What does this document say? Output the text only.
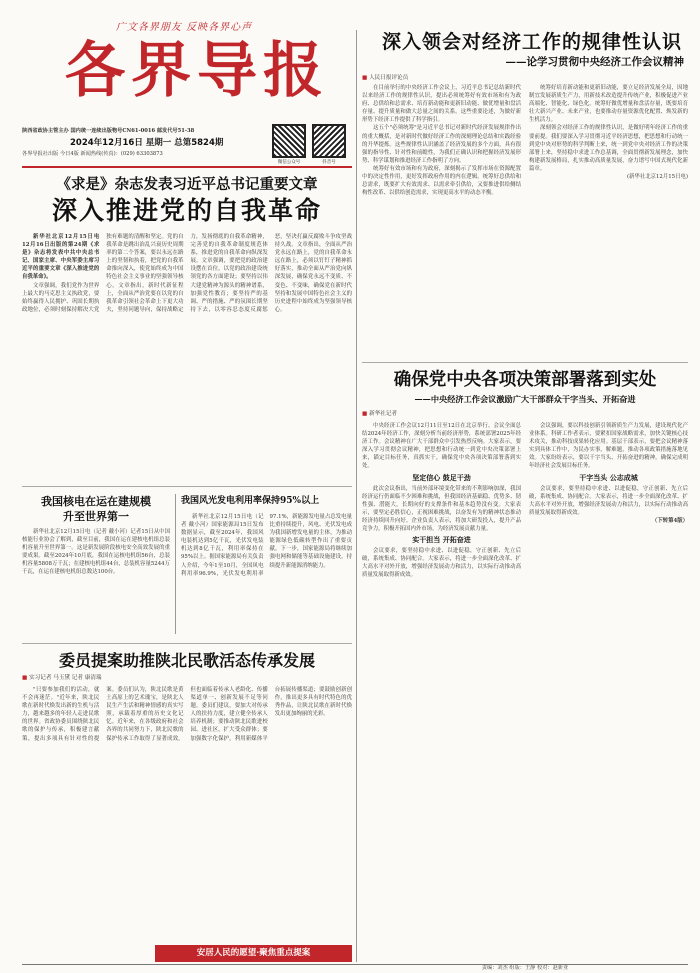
广文各界朋友 反映各界心声
各界导报
陕西省政协主管主办 国内统一连续出版物号CN61-0016 邮发代号51-38
2024年12月16日 星期一 总第5824期
各界导报社出版 今日4版 新闻热线(传真)：(029) 63303873
微信公众号	抖音号
深入领会对经济工作的规律性认识
——论学习贯彻中央经济工作会议精神
■ 人民日报评论员

在目前举行的中央经济工作会议上，习近平总书记总结新时代以来经济工作的规律性认识，提出必须统筹好有效市场和有为政府、总供给和总需求、培育新动能和更新旧动能、做优增量和盘活存量、提升质量和做大总量之间的关系。这些重要论述，为做好新形势下经济工作提供了科学指引。

这五个"必须统筹"是习近平总书记对新时代经济发展规律作出的重大概括，是对新时代做好经济工作的深刻理论总结和实践经验的升华提炼。这些规律性认识涵盖了经济发展的多个方面，具有很强的指导性、针对性和前瞻性，为我们正确认识和把握经济发展形势、科学谋划和推进经济工作指明了方向。

统筹好有效市场和有为政府，深刻揭示了发挥市场在资源配置中的决定性作用，更好发挥政府作用的内在逻辑。统筹好总供给和总需求，既要扩大有效需求、以需求牵引供给，又要推进供给侧结构性改革、以供给创造需求，实现更高水平的动态平衡。

统筹好培育新动能和更新旧动能，要立足经济发展全局，因地制宜发展新质生产力，用新技术改造提升传统产业，积极促进产业高端化、智能化、绿色化。统筹好做优增量和盘活存量，既要培育壮大新兴产业、未来产业，也要推动存量资源优化配置、焕发新的生机活力。

深刻领会对经济工作的规律性认识，是做好明年经济工作的重要前提。我们要深入学习贯彻习近平经济思想，把思想和行动统一到党中央对形势的科学判断上来，统一到党中央对经济工作的决策部署上来，坚持稳中求进工作总基调，全面贯彻新发展理念，加快构建新发展格局，扎实推动高质量发展，奋力谱写中国式现代化新篇章。

(新华社北京12月15日电)

《求是》杂志发表习近平总书记重要文章
深入推进党的自我革命

新华社北京12月15日电 12月16日出版的第24期《求是》杂志将发表中共中央总书记、国家主席、中央军委主席习近平的重要文章《深入推进党的自我革命》。

文章强调，我们党作为世界上最大的马克思主义执政党，要始终赢得人民拥护、巩固长期执政地位，必须时刻保持解决大党独有难题的清醒和坚定。党的自我革命是跳出治乱兴衰历史周期率的第二个答案，要以永远在路上的坚韧和执着，把党的自我革命推向深入，使党始终成为中国特色社会主义事业的坚强领导核心。文章指出，新时代新征程上，全面从严治党要在以党的自我革命引领社会革命上下更大功夫，坚持问题导向，保持战略定力，发扬彻底的自我革命精神，完善党的自我革命制度规范体系，推进党的自我革命向纵深发展。文章强调，要把党的政治建设摆在首位，以党的政治建设统领党的各方面建设；要坚持以伟大建党精神为源头的精神谱系，加强党性教育；要坚持严的基调、严的措施、严的氛围长期坚持下去，以零容忍态度反腐惩恶，坚决打赢反腐败斗争攻坚战持久战。文章指出，全面从严治党永远在路上，党的自我革命永远在路上，必须以钉钉子精神抓好落实，推动全面从严治党向纵深发展，确保党永远不变质、不变色、不变味，确保党在新时代坚持和发展中国特色社会主义的历史进程中始终成为坚强领导核心。

我国核电在运在建规模
升至世界第一
新华社北京12月15日电（记者 戴小河）记者15日从中国核能行业协会了解到，截至目前，我国在运在建核电机组总装机容量升至世界第一。这是新发展阶段核电安全高效发展的重要成果。截至2024年10月底，我国在运核电机组56台，总装机容量5808万千瓦；在建核电机组44台，总装机容量5244万千瓦，在运在建核电机组总数达100台。
我国风光发电利用率保持95%以上

新华社北京12月15日电（记者 戴小河）国家能源局15日发布数据显示，截至2024年，我国风电装机达到5亿千瓦，光伏发电装机达到8亿千瓦，利用率保持在95%以上。据国家能源局有关负责人介绍，今年1至10月，全国风电利用率96.9%，光伏发电利用率97.1%，新能源发电量占总发电量比重持续提升，风电、光伏发电成为我国新增发电量的主体，为推动能源绿色低碳转型作出了重要贡献。下一步，国家能源局将继续加强电网和储能等基础设施建设，持续提升新能源消纳能力。

委员提案助推陕北民歌活态传承发展
■ 实习记者 马玉黛 记者 康清瑞

"只要参加我们的活动，就不会再迷茫。"近年来，陕北民歌在新时代焕发出新的生机与活力，越来越多的年轻人走进民歌的世界。省政协委员围绕陕北民歌的保护与传承，积极建言献策，提出多项具有针对性的提案。委员们认为，陕北民歌是黄土高原上的艺术瑰宝，是陕北人民生产生活和精神情感的真实写照，承载着厚重的历史文化记忆。近年来，在各级政府和社会各界的共同努力下，陕北民歌的保护传承工作取得了显著成效，但也面临着传承人老龄化、传播渠道单一、创新发展不足等问题。委员们建议，要加大对传承人的扶持力度，建立健全传承人培养机制；要推动陕北民歌进校园、进社区，扩大受众群体；要加强数字化保护，利用新媒体平台拓展传播渠道；要鼓励创新创作，推出更多具有时代特色的优秀作品，让陕北民歌在新时代焕发出更加绚丽的光彩。

安居人民的愿望·聚焦重点提案
确保党中央各项决策部署落到实处
——中央经济工作会议激励广大干部群众干字当头、开拓奋进
■ 新华社记者

中央经济工作会议12月11日至12日在北京举行。会议全面总结2024年经济工作，深刻分析当前经济形势，系统部署2025年经济工作。会议精神在广大干部群众中引发热烈反响。大家表示，要深入学习贯彻会议精神，把思想和行动统一到党中央决策部署上来，锚定目标任务，真抓实干，确保党中央各项决策部署落到实处。

坚定信心 鼓足干劲

此次会议指出，当前外部环境变化带来的不利影响加深，我国经济运行仍面临不少困难和挑战，但我国经济基础稳、优势多、韧性强、潜能大，长期向好的支撑条件和基本趋势没有变。大家表示，要坚定必胜信心，正视困难挑战，以奋发有为的精神状态推动经济持续回升向好。企业负责人表示，将加大研发投入，提升产品竞争力，积极开拓国内外市场，为经济发展贡献力量。

实干担当 开拓奋进

会议要求，要坚持稳中求进、以进促稳，守正创新、先立后破，系统集成、协同配合。大家表示，将进一步全面深化改革、扩大高水平对外开放，增强经济发展动力和活力，以实际行动推动高质量发展取得新成效。

会议强调，要以科技创新引领新质生产力发展，建设现代化产业体系。科研工作者表示，要紧扣国家战略需求，加快关键核心技术攻关，推动科技成果转化应用。基层干部表示，要把会议精神落实到具体工作中，为民办实事，解难题，推动各项政策措施落地见效。大家纷纷表示，要以干字当头、开拓奋进的精神，确保完成明年经济社会发展目标任务。

干字当头 公志成城

会议要求，要坚持稳中求进、以进促稳，守正创新、先立后破，系统集成、协同配合。大家表示，将进一步全面深化改革、扩大高水平对外开放，增强经济发展动力和活力，以实际行动推动高质量发展取得新成效。

（下转第4版）

责编：刘杰 组版：王静 校对：赵新亚
